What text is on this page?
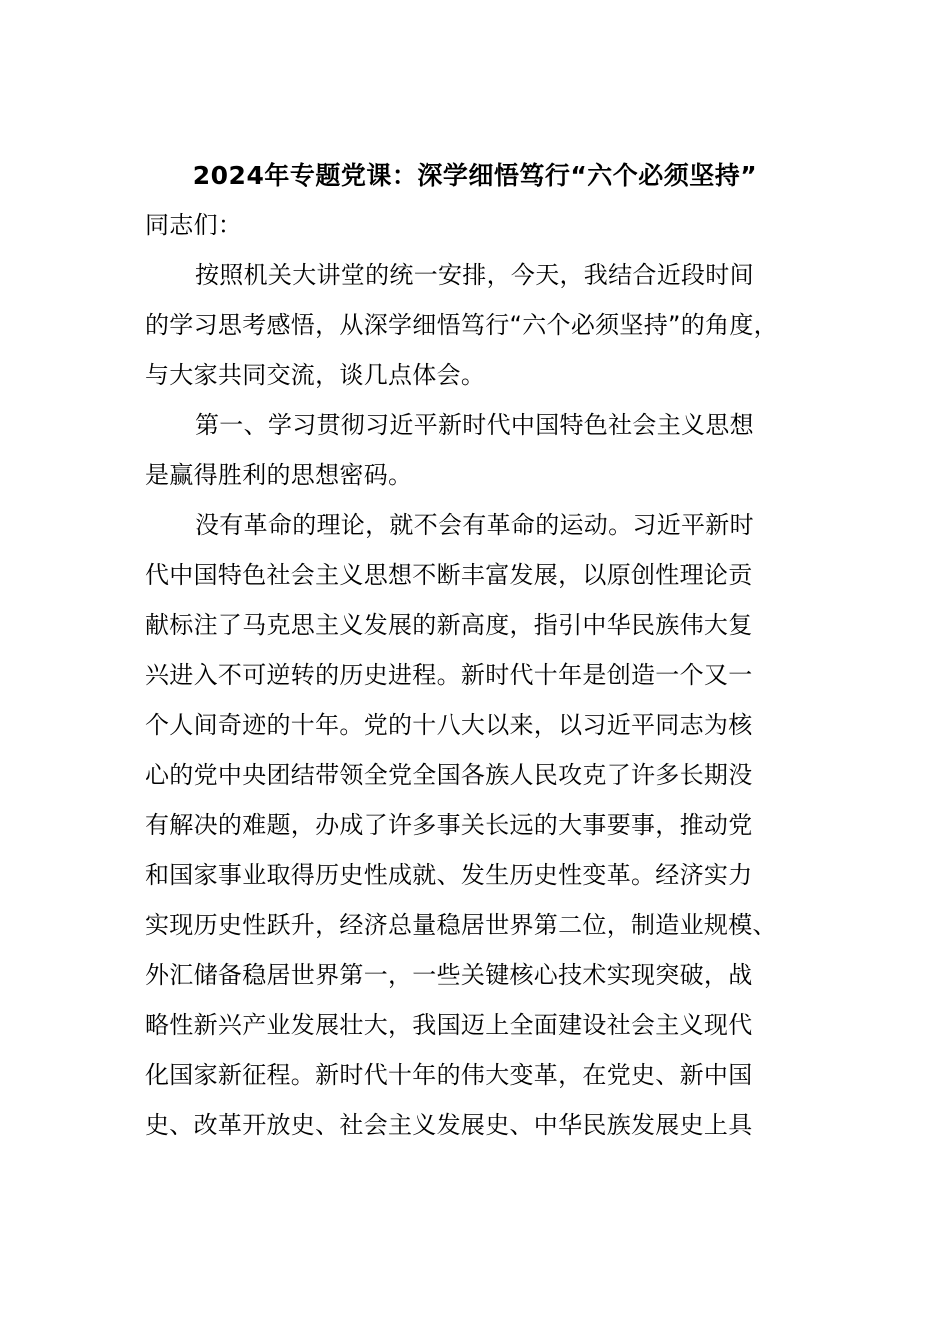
2024年专题党课：深学细悟笃行“六个必须坚持”
同志们：
按照机关大讲堂的统一安排，今天，我结合近段时间
的学习思考感悟，从深学细悟笃行“六个必须坚持”的角度，
与大家共同交流，谈几点体会。
第一、学习贯彻习近平新时代中国特色社会主义思想
是赢得胜利的思想密码。
没有革命的理论，就不会有革命的运动。习近平新时
代中国特色社会主义思想不断丰富发展，以原创性理论贡
献标注了马克思主义发展的新高度，指引中华民族伟大复
兴进入不可逆转的历史进程。新时代十年是创造一个又一
个人间奇迹的十年。党的十八大以来，以习近平同志为核
心的党中央团结带领全党全国各族人民攻克了许多长期没
有解决的难题，办成了许多事关长远的大事要事，推动党
和国家事业取得历史性成就、发生历史性变革。经济实力
实现历史性跃升，经济总量稳居世界第二位，制造业规模、
外汇储备稳居世界第一，一些关键核心技术实现突破，战
略性新兴产业发展壮大，我国迈上全面建设社会主义现代
化国家新征程。新时代十年的伟大变革，在党史、新中国
史、改革开放史、社会主义发展史、中华民族发展史上具
